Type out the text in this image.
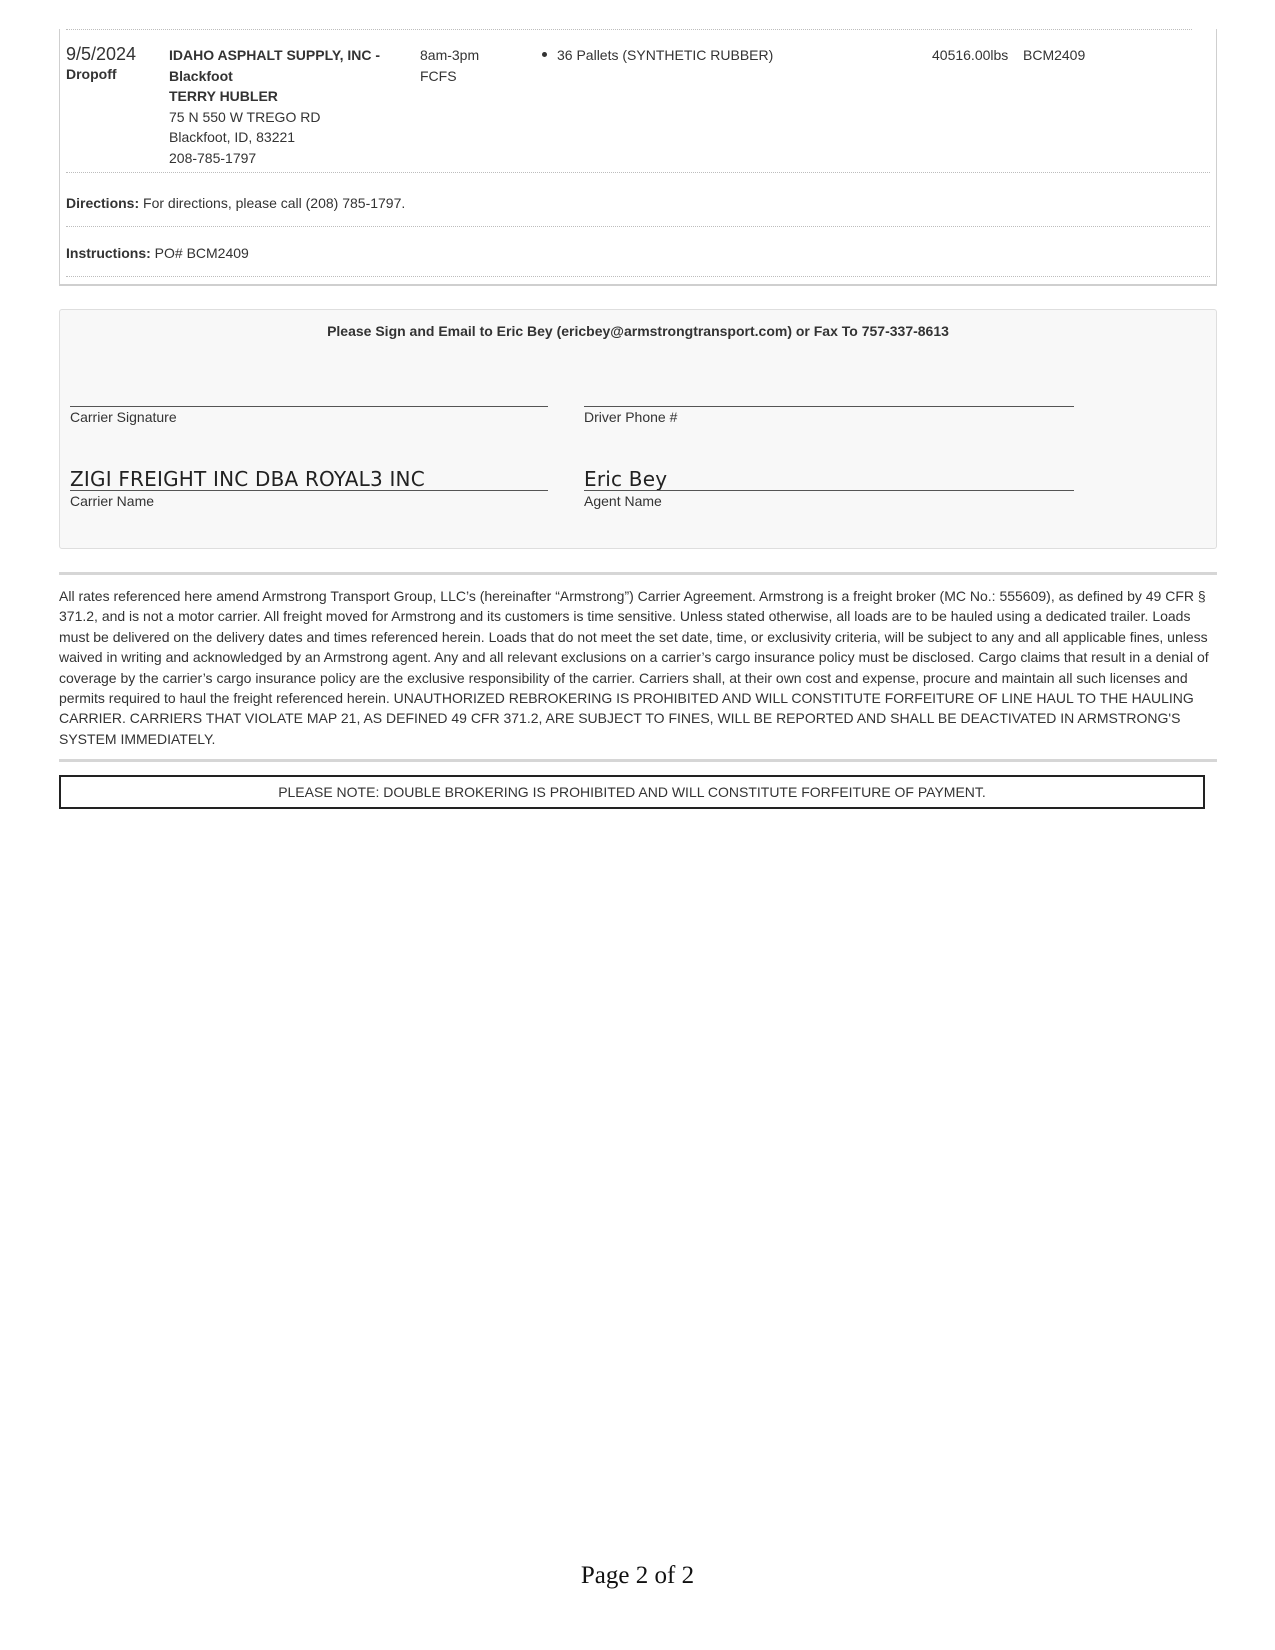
9/5/2024
Dropoff
IDAHO ASPHALT SUPPLY, INC -
Blackfoot
TERRY HUBLER
75 N 550 W TREGO RD
Blackfoot, ID, 83221
208-785-1797
8am-3pm
FCFS
36 Pallets (SYNTHETIC RUBBER)	40516.00lbs BCM2409
Directions: For directions, please call (208) 785-1797.
Instructions: PO# BCM2409
Please Sign and Email to Eric Bey (ericbey@armstrongtransport.com) or Fax To 757-337-8613
Carrier Signature	Driver Phone #
ZIGI FREIGHT INC DBA ROYAL3 INC
Carrier Name
Eric Bey
Agent Name

All rates referenced here amend Armstrong Transport Group, LLC’s (hereinafter “Armstrong”) Carrier Agreement. Armstrong is a freight broker (MC No.: 555609), as defined by 49 CFR § 371.2, and is not a motor carrier. All freight moved for Armstrong and its customers is time sensitive. Unless stated otherwise, all loads are to be hauled using a dedicated trailer. Loads must be delivered on the delivery dates and times referenced herein. Loads that do not meet the set date, time, or exclusivity criteria, will be subject to any and all applicable fines, unless waived in writing and acknowledged by an Armstrong agent. Any and all relevant exclusions on a carrier’s cargo insurance policy must be disclosed. Cargo claims that result in a denial of coverage by the carrier’s cargo insurance policy are the exclusive responsibility of the carrier. Carriers shall, at their own cost and expense, procure and maintain all such licenses and permits required to haul the freight referenced herein. UNAUTHORIZED REBROKERING IS PROHIBITED AND WILL CONSTITUTE FORFEITURE OF LINE HAUL TO THE HAULING CARRIER. CARRIERS THAT VIOLATE MAP 21, AS DEFINED 49 CFR 371.2, ARE SUBJECT TO FINES, WILL BE REPORTED AND SHALL BE DEACTIVATED IN ARMSTRONG'S SYSTEM IMMEDIATELY.

PLEASE NOTE: DOUBLE BROKERING IS PROHIBITED AND WILL CONSTITUTE FORFEITURE OF PAYMENT.
Page 2 of 2
